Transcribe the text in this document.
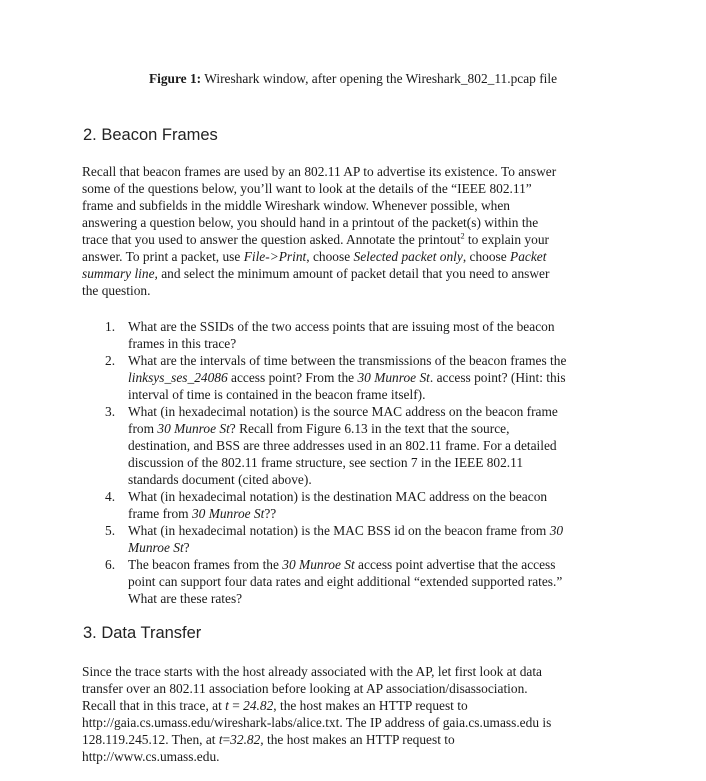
Figure 1: Wireshark window, after opening the Wireshark_802_11.pcap file
2. Beacon Frames

Recall that beacon frames are used by an 802.11 AP to advertise its existence. To answer

some of the questions below, you’ll want to look at the details of the “IEEE 802.11”

frame and subfields in the middle Wireshark window. Whenever possible, when

answering a question below, you should hand in a printout of the packet(s) within the

trace that you used to answer the question asked. Annotate the printout$^2$ to explain your

answer. To print a packet, use File->Print, choose Selected packet only, choose Packet

summary line, and select the minimum amount of packet detail that you need to answer

the question.

1. What are the SSIDs of the two access points that are issuing most of the beacon

frames in this trace?

2. What are the intervals of time between the transmissions of the beacon frames the

linksys_ses_24086 access point? From the 30 Munroe St. access point? (Hint: this

interval of time is contained in the beacon frame itself).

3. What (in hexadecimal notation) is the source MAC address on the beacon frame

from 30 Munroe St? Recall from Figure 6.13 in the text that the source,

destination, and BSS are three addresses used in an 802.11 frame. For a detailed

discussion of the 802.11 frame structure, see section 7 in the IEEE 802.11

standards document (cited above).

4. What (in hexadecimal notation) is the destination MAC address on the beacon

frame from 30 Munroe St??

5. What (in hexadecimal notation) is the MAC BSS id on the beacon frame from 30

Munroe St?

6. The beacon frames from the 30 Munroe St access point advertise that the access

point can support four data rates and eight additional “extended supported rates.”

What are these rates?

3. Data Transfer

Since the trace starts with the host already associated with the AP, let first look at data

transfer over an 802.11 association before looking at AP association/disassociation.

Recall that in this trace, at t = 24.82, the host makes an HTTP request to

http://gaia.cs.umass.edu/wireshark-labs/alice.txt. The IP address of gaia.cs.umass.edu is

128.119.245.12. Then, at t=32.82, the host makes an HTTP request to

http://www.cs.umass.edu.
